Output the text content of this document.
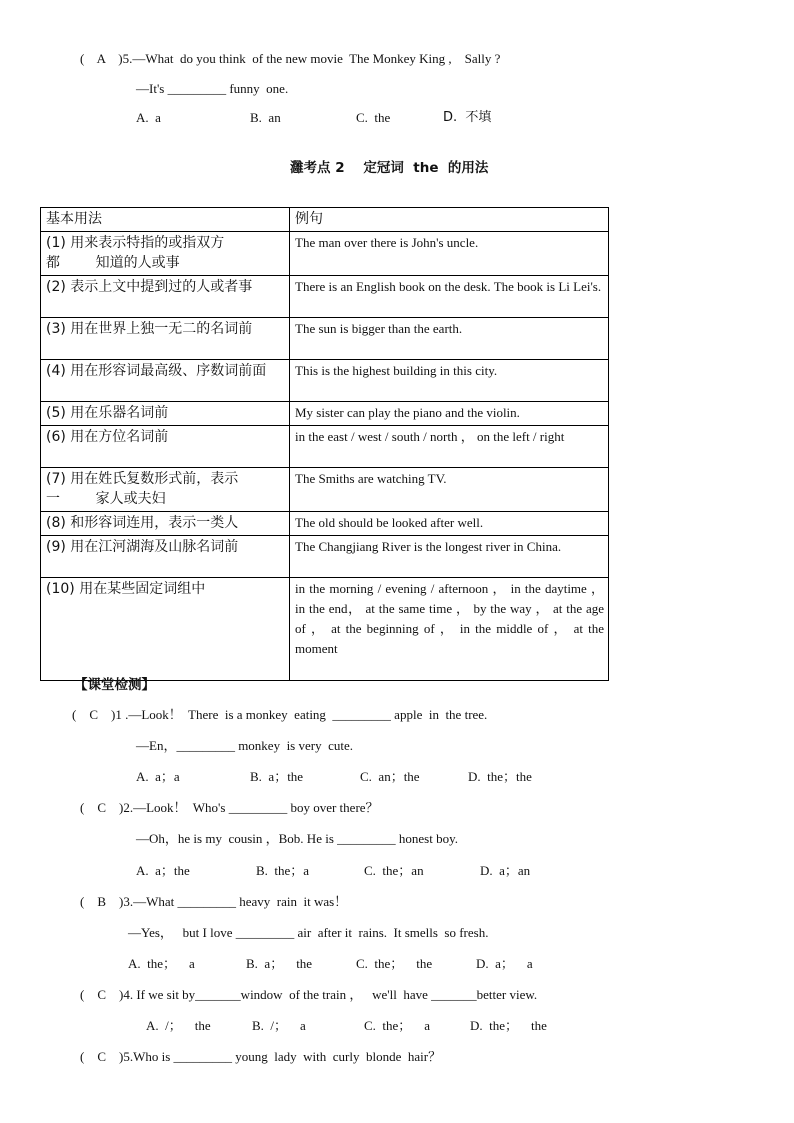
(    A    )5.—What  do you think  of the new movie  The Monkey King ,    Sally ?
—It's _________ funny  one.
A.  a	B.  an	C.  the	D.  不填
灉考点 2    定冠词  the  的用法
基本用法	例句
(1) 用来表示特指的或指双方都        知道的人或事	The man over there is John's uncle.
(2) 表示上文中提到过的人或者事	There is an English book on the desk. The book is Li Lei's.
(3) 用在世界上独一无二的名词前	The sun is bigger than the earth.
(4) 用在形容词最高级、序数词前面	This is the highest building in this city.
(5) 用在乐器名词前	My sister can play the piano and the violin.
(6) 用在方位名词前	in the east / west / south / north ， on the left / right
(7) 用在姓氏复数形式前，表示一        家人或夫妇	The Smiths are watching TV.
(8) 和形容词连用，表示一类人	The old should be looked after well.
(9) 用在江河湖海及山脉名词前	The Changjiang River is the longest river in China.
(10) 用在某些固定词组中	in the morning / evening / afternoon ， in the daytime ， in the end， at the same time ， by the way ， at the age of ， at the beginning of ， in the middle of ， at the moment
【课堂检测】
(    C    )1 .—Look！  There  is a monkey  eating  _________ apple  in  the tree.
—En，_________ monkey  is very  cute.
A.  a；a	B.  a；the	C.  an；the	D.  the；the
(    C    )2.—Look！  Who's _________ boy over there？
—Oh，he is my  cousin ，Bob. He is _________ honest boy.
A.  a；the	B.  the；a	C.  the；an	D.  a；an
(    B    )3.—What _________ heavy  rain  it was！
—Yes，   but I love _________ air  after it  rains.  It smells  so fresh.
A.  the；    a	B.  a；    the	C.  the；    the	D.  a；    a
(    C    )4. If we sit by_______window  of the train ，   we'll  have _______better view.
A.  /；    the	B.  /；    a	C.  the；    a	D.  the；    the
(    C    )5.Who is _________ young  lady  with  curly  blonde  hair？
